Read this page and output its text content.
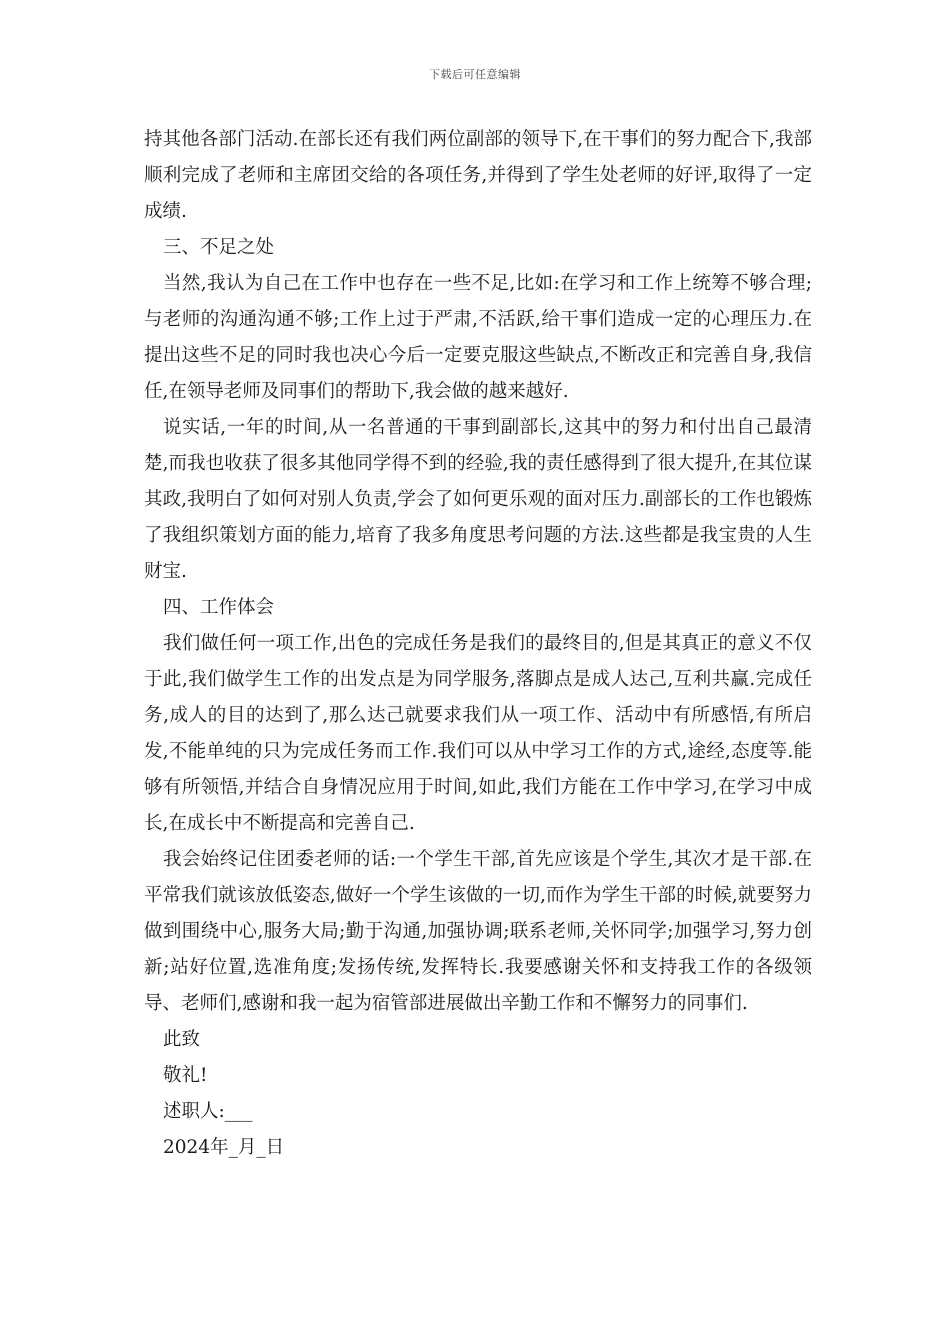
下载后可任意编辑

持其他各部门活动.在部长还有我们两位副部的领导下,在干事们的努力配合下,我部顺利完成了老师和主席团交给的各项任务,并得到了学生处老师的好评,取得了一定成绩.

三、不足之处

当然,我认为自己在工作中也存在一些不足,比如:在学习和工作上统筹不够合理;与老师的沟通沟通不够;工作上过于严肃,不活跃,给干事们造成一定的心理压力.在提出这些不足的同时我也决心今后一定要克服这些缺点,不断改正和完善自身,我信任,在领导老师及同事们的帮助下,我会做的越来越好.

说实话,一年的时间,从一名普通的干事到副部长,这其中的努力和付出自己最清楚,而我也收获了很多其他同学得不到的经验,我的责任感得到了很大提升,在其位谋其政,我明白了如何对别人负责,学会了如何更乐观的面对压力.副部长的工作也锻炼了我组织策划方面的能力,培育了我多角度思考问题的方法.这些都是我宝贵的人生财宝.

四、工作体会

我们做任何一项工作,出色的完成任务是我们的最终目的,但是其真正的意义不仅于此,我们做学生工作的出发点是为同学服务,落脚点是成人达己,互利共赢.完成任务,成人的目的达到了,那么达己就要求我们从一项工作、活动中有所感悟,有所启发,不能单纯的只为完成任务而工作.我们可以从中学习工作的方式,途经,态度等.能够有所领悟,并结合自身情况应用于时间,如此,我们方能在工作中学习,在学习中成长,在成长中不断提高和完善自己.

我会始终记住团委老师的话:一个学生干部,首先应该是个学生,其次才是干部.在平常我们就该放低姿态,做好一个学生该做的一切,而作为学生干部的时候,就要努力做到围绕中心,服务大局;勤于沟通,加强协调;联系老师,关怀同学;加强学习,努力创新;站好位置,选准角度;发扬传统,发挥特长.我要感谢关怀和支持我工作的各级领导、老师们,感谢和我一起为宿管部进展做出辛勤工作和不懈努力的同事们.

此致

敬礼!

述职人:___

2024年_月_日
